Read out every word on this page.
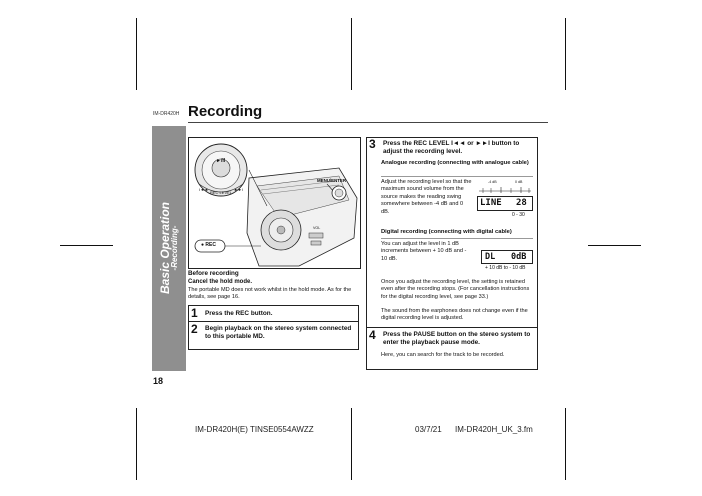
IM-DR420H Recording
Basic Operation
-Recording-
18
►/II
REC LEVEL
I◄◄	►►I
MENU/ENTER
● REC
VOL
Before recording
Cancel the hold mode.
The portable MD does not work whilst in the hold mode. As for the details, see page 16.
1	Press the REC button.
2	Begin playback on the stereo system connected to this portable MD.
3	Press the REC LEVEL I◄◄ or ►►I button to adjust the recording level.
Analogue recording (connecting with analogue cable)
Adjust the recording level so that the maximum sound volume from the source makes the reading swing somewhere between -4 dB and 0 dB.
-4 dB	0 dB
LINE 28
0 - 30
Digital recording (connecting with digital cable)
You can adjust the level in 1 dB increments between + 10 dB and - 10 dB.	DL 0dB
+ 10 dB to - 10 dB
Once you adjust the recording level, the setting is retained even after the recording stops. (For cancellation instructions for the digital recording level, see page 33.)
The sound from the earphones does not change even if the digital recording level is adjusted.
4	Press the PAUSE button on the stereo system to enter the playback pause mode.
Here, you can search for the track to be recorded.
IM-DR420H(E) TINSE0554AWZZ	03/7/21 IM-DR420H_UK_3.fm
